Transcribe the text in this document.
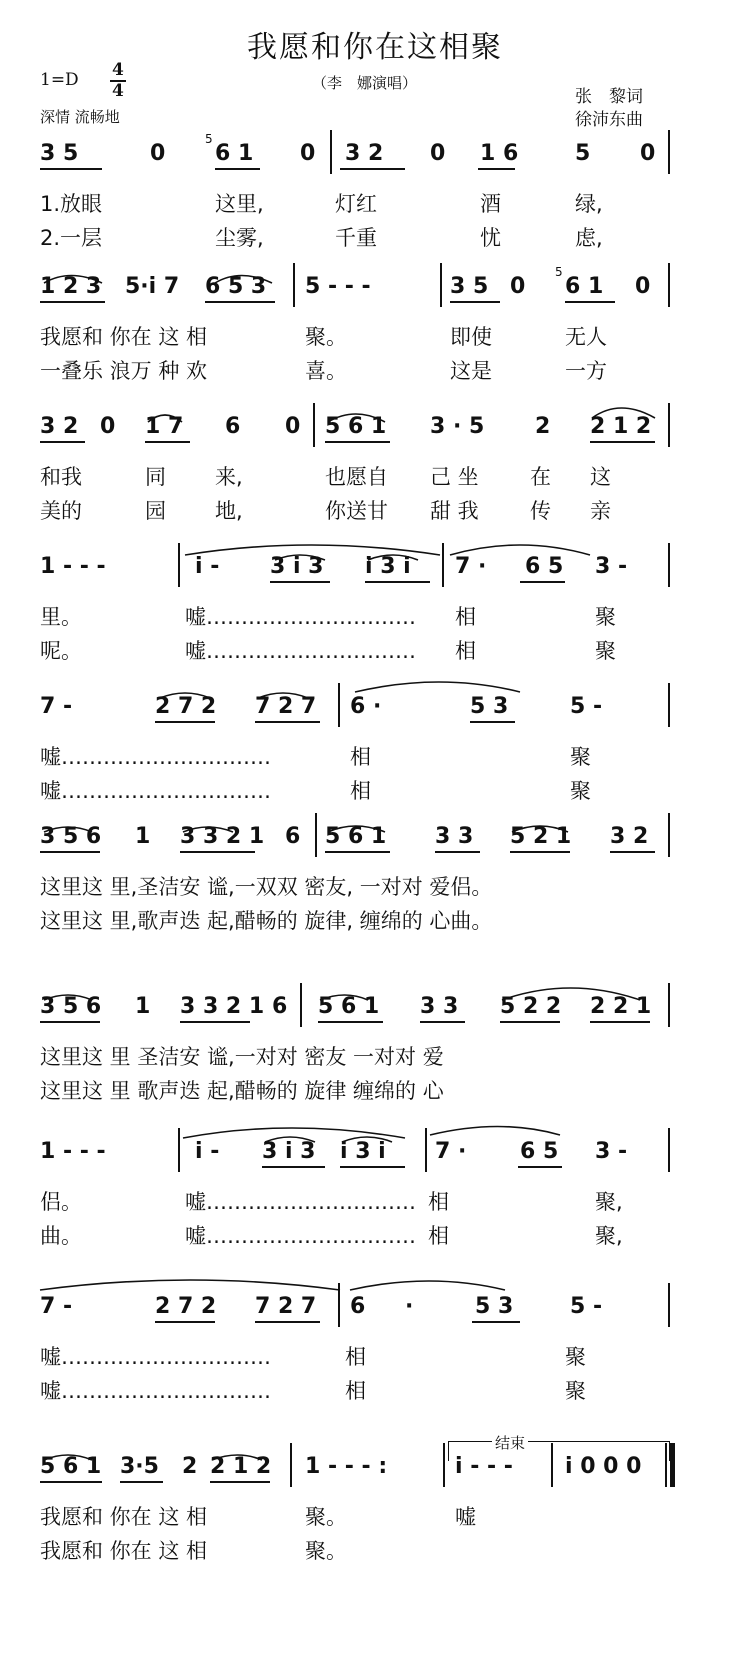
我愿和你在这相聚
1=D 4
4	（李　娜演唱）
深情 流畅地
张　黎词
徐沛东曲
3 5	0 6 1 0 3 2 0 1 6	5 0
5
1.放眼	这里,	灯红	酒	绿,
2.一层	尘雾,	千重	忧	虑,
1 2 3 5·i 7 6 5 3 5 - - -	3 5 0 6 1 0
5
我愿和 你在 这 相	聚。	即使	无人
一叠乐 浪万 种 欢	喜。	这是	一方
3 2 0 1 7 6 0 5 6 1 3 · 5 2 2 1 2
和我	同 来,	也愿自 己 坐 在 这
美的	园 地,	你送甘 甜 我 传 亲
1 - - -	i - 3 i 3 i 3 i 7 · 6 5 3 -
里。	嘘………………………… 相	聚
呢。	嘘………………………… 相	聚
7 -	2 7 2 7 2 7 6 ·	5 3	5 -
嘘…………………………	相	聚
嘘…………………………	相	聚
3 5 6 1 3 3 2 1 6 5 6 1 3 3 5 2 1 3 2
这里这 里,圣洁安 谧,一双双 密友, 一对对 爱侣。
这里这 里,歌声迭 起,醋畅的 旋律, 缠绵的 心曲。
3 5 6 1 3 3 2 1 6 5 6 1 3 3 5 2 2 2 2 1
这里这 里 圣洁安 谧,一对对 密友 一对对 爱
这里这 里 歌声迭 起,醋畅的 旋律 缠绵的 心
1 - - -	i - 3 i 3 i 3 i 7 · 6 5 3 -
侣。	嘘………………………… 相	聚,
曲。	嘘………………………… 相	聚,
7 -	2 7 2 7 2 7 6 ·	5 3	5 -
嘘…………………………	相	聚
嘘…………………………	相	聚
5 6 1 3·5 2 2 1 2 1 - - - :	i - - - i 0 0 0
我愿和 你在 这 相	聚。	嘘
我愿和 你在 这 相	聚。
结束
